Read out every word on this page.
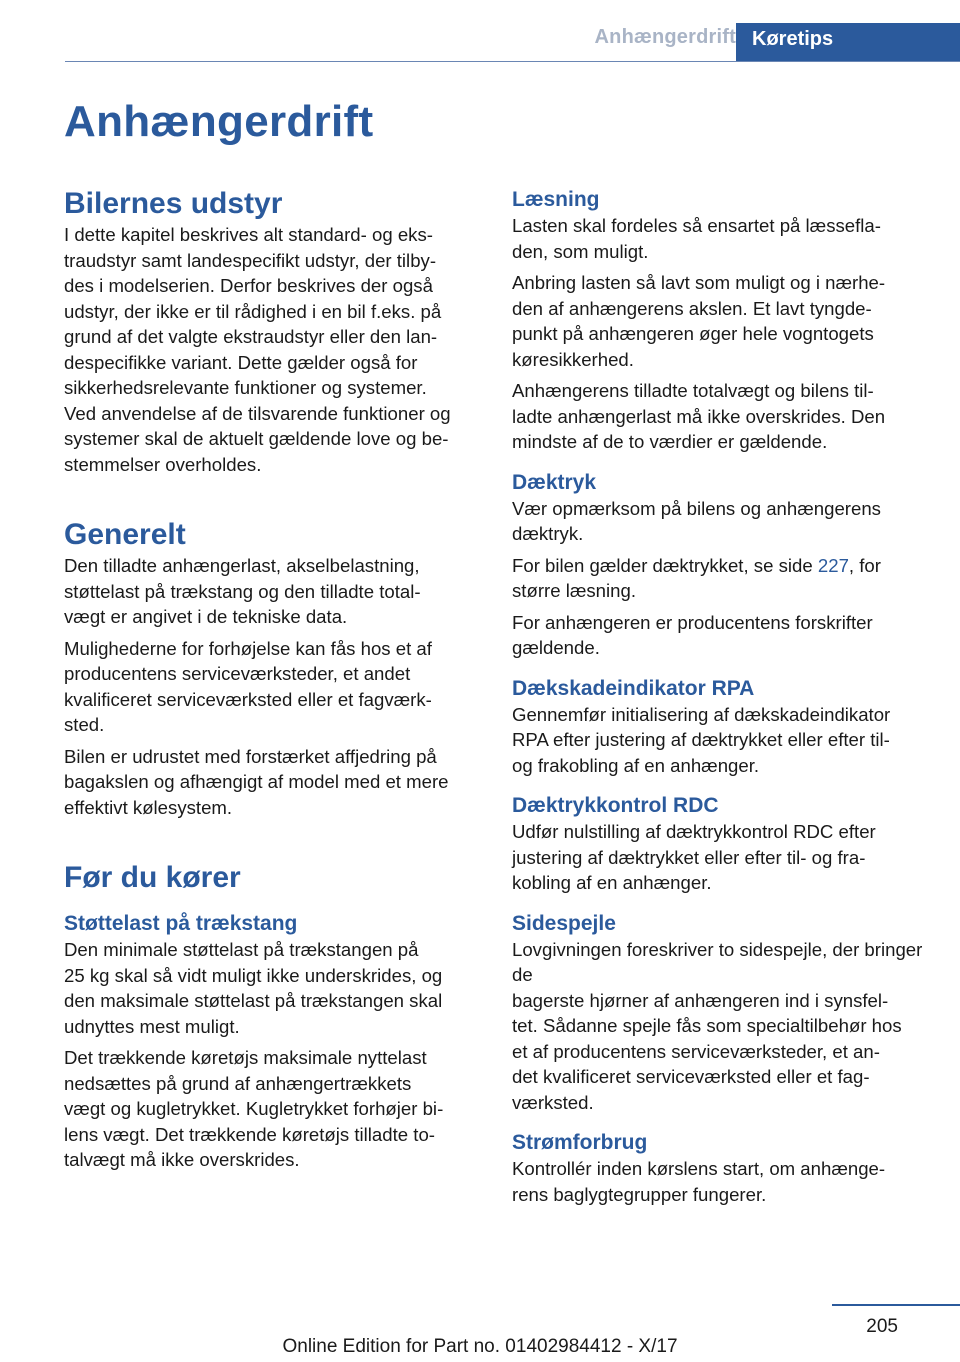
Anhængerdrift Køretips
Anhængerdrift
Bilernes udstyr

I dette kapitel beskrives alt standard- og eks-
traudstyr samt landespecifikt udstyr, der tilby-
des i modelserien. Derfor beskrives der også
udstyr, der ikke er til rådighed i en bil f.eks. på
grund af det valgte ekstraudstyr eller den lan-
despecifikke variant. Dette gælder også for
sikkerhedsrelevante funktioner og systemer.
Ved anvendelse af de tilsvarende funktioner og
systemer skal de aktuelt gældende love og be-
stemmelser overholdes.

Generelt

Den tilladte anhængerlast, akselbelastning,
støttelast på trækstang og den tilladte total-
vægt er angivet i de tekniske data.

Mulighederne for forhøjelse kan fås hos et af
producentens serviceværksteder, et andet
kvalificeret serviceværksted eller et fagværk-
sted.

Bilen er udrustet med forstærket affjedring på
bagakslen og afhængigt af model med et mere
effektivt kølesystem.

Før du kører
Støttelast på trækstang

Den minimale støttelast på trækstangen på
25 kg skal så vidt muligt ikke underskrides, og
den maksimale støttelast på trækstangen skal
udnyttes mest muligt.

Det trækkende køretøjs maksimale nyttelast
nedsættes på grund af anhængertrækkets
vægt og kugletrykket. Kugletrykket forhøjer bi-
lens vægt. Det trækkende køretøjs tilladte to-
talvægt må ikke overskrides.

Læsning

Lasten skal fordeles så ensartet på læssefla-
den, som muligt.

Anbring lasten så lavt som muligt og i nærhe-
den af anhængerens akslen. Et lavt tyngde-
punkt på anhængeren øger hele vogntogets
køresikkerhed.

Anhængerens tilladte totalvægt og bilens til-
ladte anhængerlast må ikke overskrides. Den
mindste af de to værdier er gældende.

Dæktryk

Vær opmærksom på bilens og anhængerens
dæktryk.

For bilen gælder dæktrykket, se side 227, for
større læsning.

For anhængeren er producentens forskrifter
gældende.

Dækskadeindikator RPA

Gennemfør initialisering af dækskadeindikator
RPA efter justering af dæktrykket eller efter til-
og frakobling af en anhænger.

Dæktrykkontrol RDC

Udfør nulstilling af dæktrykkontrol RDC efter
justering af dæktrykket eller efter til- og fra-
kobling af en anhænger.

Sidespejle

Lovgivningen foreskriver to sidespejle, der bringer de
bagerste hjørner af anhængeren ind i synsfel-
tet. Sådanne spejle fås som specialtilbehør hos
et af producentens serviceværksteder, et an-
det kvalificeret serviceværksted eller et fag-
værksted.

Strømforbrug

Kontrollér inden kørslens start, om anhænge-
rens baglygtegrupper fungerer.

205
Online Edition for Part no. 01402984412 - X/17
